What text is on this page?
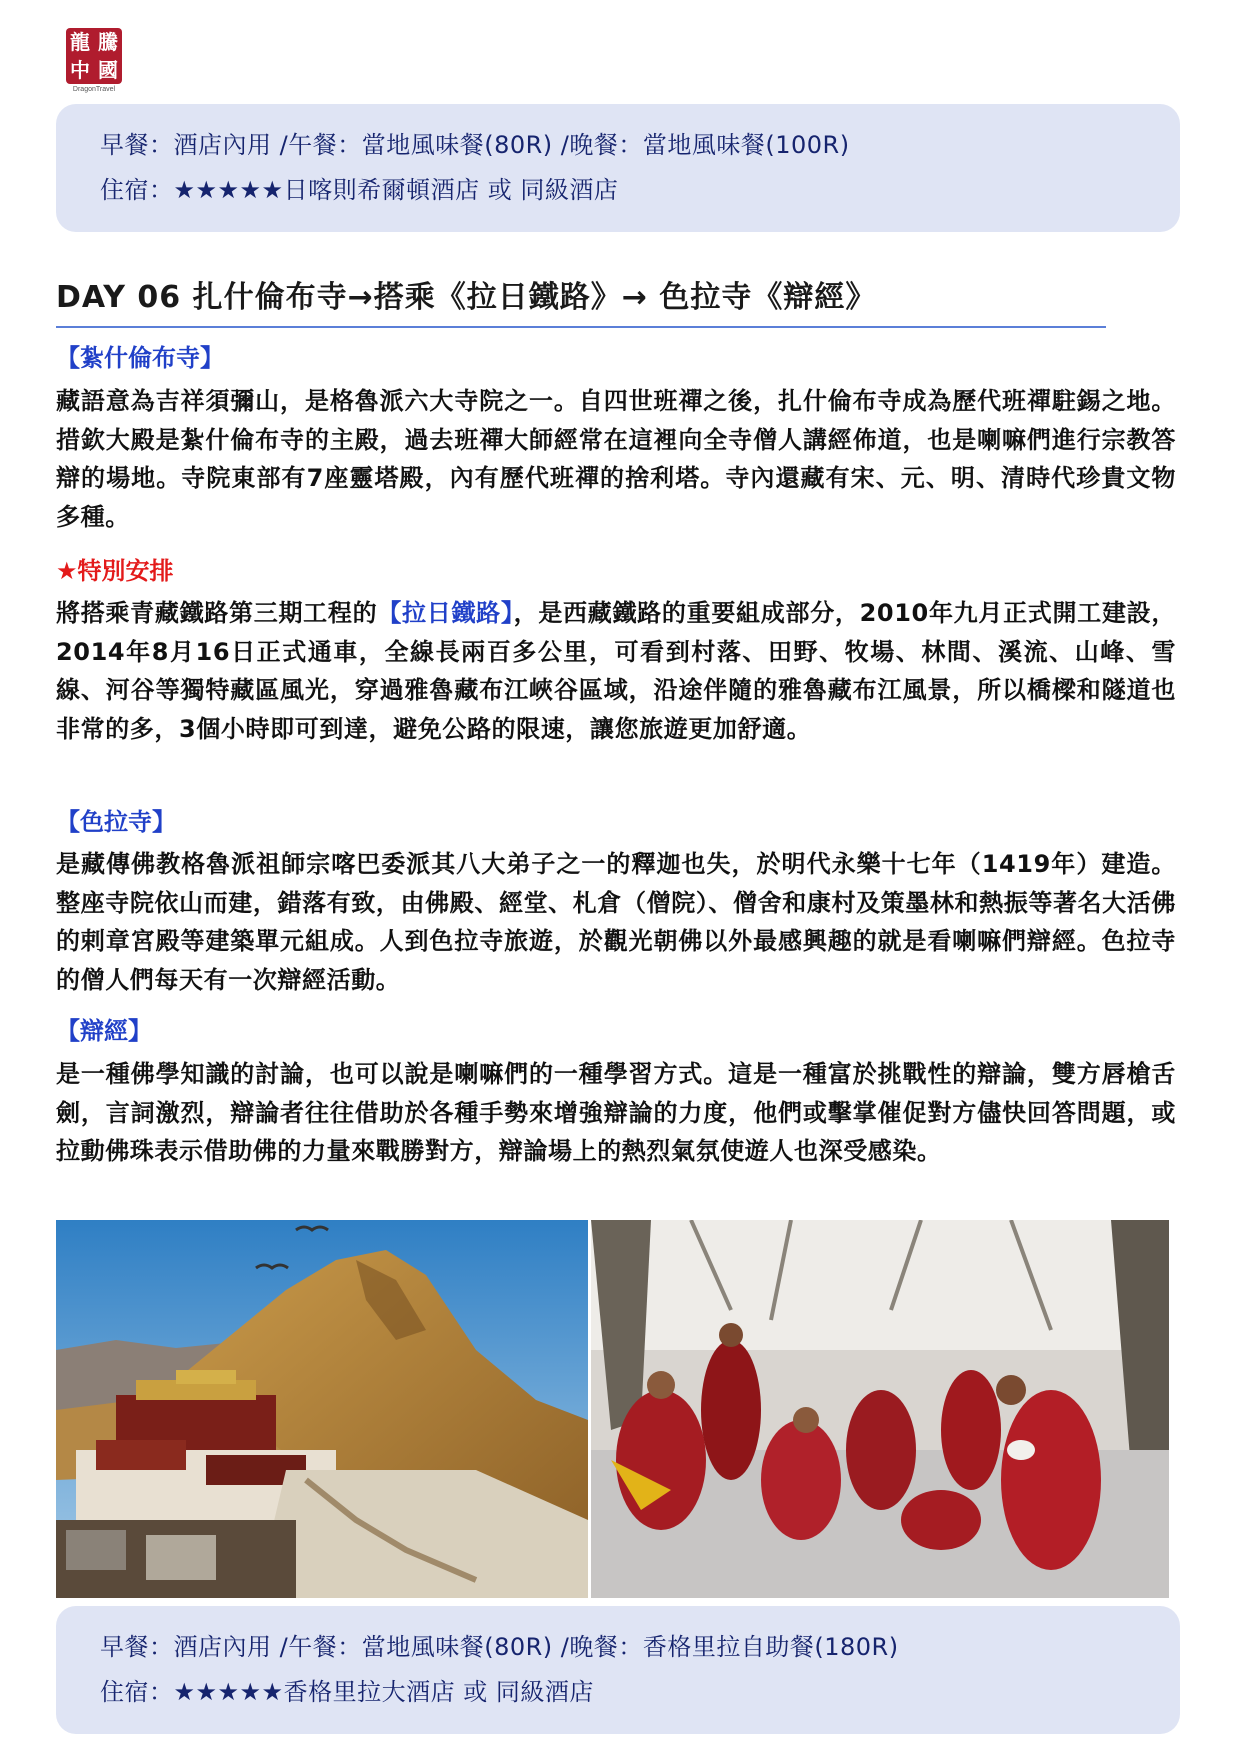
龍 騰
中 國
DragonTravel
早餐：酒店內用 /午餐：當地風味餐(80R) /晚餐：當地風味餐(100R)
住宿：★★★★★日喀則希爾頓酒店 或 同級酒店
DAY 06 扎什倫布寺→搭乘《拉日鐵路》→ 色拉寺《辯經》
【紮什倫布寺】
藏語意為吉祥須彌山，是格魯派六大寺院之一。自四世班禪之後，扎什倫布寺成為歷代班禪駐錫之地。措欽大殿是紮什倫布寺的主殿，過去班禪大師經常在這裡向全寺僧人講經佈道，也是喇嘛們進行宗教答辯的場地。寺院東部有7座靈塔殿，內有歷代班禪的捨利塔。寺內還藏有宋、元、明、清時代珍貴文物多種。
★特別安排
將搭乘青藏鐵路第三期工程的【拉日鐵路】，是西藏鐵路的重要組成部分，2010年九月正式開工建設，2014年8月16日正式通車，全線長兩百多公里，可看到村落、田野、牧場、林間、溪流、山峰、雪線、河谷等獨特藏區風光，穿過雅魯藏布江峽谷區域，沿途伴隨的雅魯藏布江風景，所以橋樑和隧道也非常的多，3個小時即可到達，避免公路的限速，讓您旅遊更加舒適。
【色拉寺】
是藏傳佛教格魯派祖師宗喀巴委派其八大弟子之一的釋迦也失，於明代永樂十七年（1419年）建造。整座寺院依山而建，錯落有致，由佛殿、經堂、札倉（僧院）、僧舍和康村及策墨林和熱振等著名大活佛的剌章宮殿等建築單元組成。人到色拉寺旅遊，於觀光朝佛以外最感興趣的就是看喇嘛們辯經。色拉寺的僧人們每天有一次辯經活動。
【辯經】
是一種佛學知識的討論，也可以說是喇嘛們的一種學習方式。這是一種富於挑戰性的辯論，雙方唇槍舌劍，言詞激烈，辯論者往往借助於各種手勢來增強辯論的力度，他們或擊掌催促對方儘快回答問題，或拉動佛珠表示借助佛的力量來戰勝對方，辯論場上的熱烈氣氛使遊人也深受感染。
早餐：酒店內用 /午餐：當地風味餐(80R) /晚餐：香格里拉自助餐(180R)
住宿：★★★★★香格里拉大酒店 或 同級酒店
